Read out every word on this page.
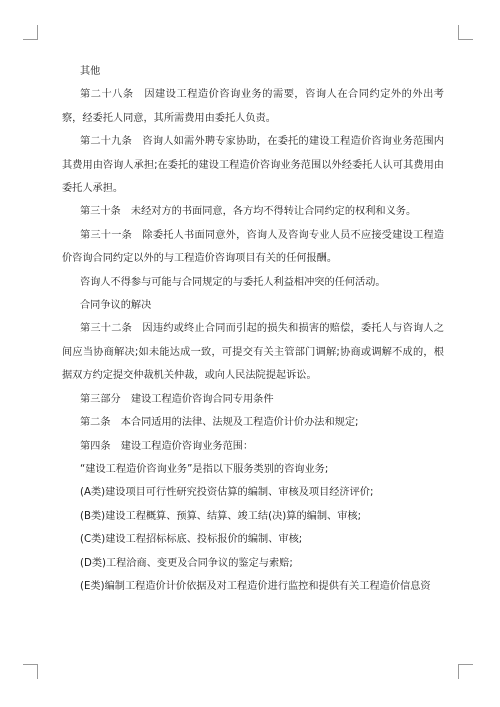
其他

第二十八条　因建设工程造价咨询业务的需要，咨询人在合同约定外的外出考察，经委托人同意，其所需费用由委托人负责。

第二十九条　咨询人如需外聘专家协助，在委托的建设工程造价咨询业务范围内其费用由咨询人承担;在委托的建设工程造价咨询业务范围以外经委托人认可其费用由委托人承担。

第三十条　未经对方的书面同意，各方均不得转让合同约定的权利和义务。

第三十一条　除委托人书面同意外，咨询人及咨询专业人员不应接受建设工程造价咨询合同约定以外的与工程造价咨询项目有关的任何报酬。

咨询人不得参与可能与合同规定的与委托人利益相冲突的任何活动。

合同争议的解决

第三十二条　因违约或终止合同而引起的损失和损害的赔偿，委托人与咨询人之间应当协商解决;如未能达成一致，可提交有关主管部门调解;协商或调解不成的，根据双方约定提交仲裁机关仲裁，或向人民法院提起诉讼。

第三部分　建设工程造价咨询合同专用条件

第二条　本合同适用的法律、法规及工程造价计价办法和规定;

第四条　建设工程造价咨询业务范围：

“建设工程造价咨询业务”是指以下服务类别的咨询业务;

(A类)建设项目可行性研究投资估算的编制、审核及项目经济评价;

(B类)建设工程概算、预算、结算、竣工结(决)算的编制、审核;

(C类)建设工程招标标底、投标报价的编制、审核;

(D类)工程洽商、变更及合同争议的鉴定与索赔;

(E类)编制工程造价计价依据及对工程造价进行监控和提供有关工程造价信息资
